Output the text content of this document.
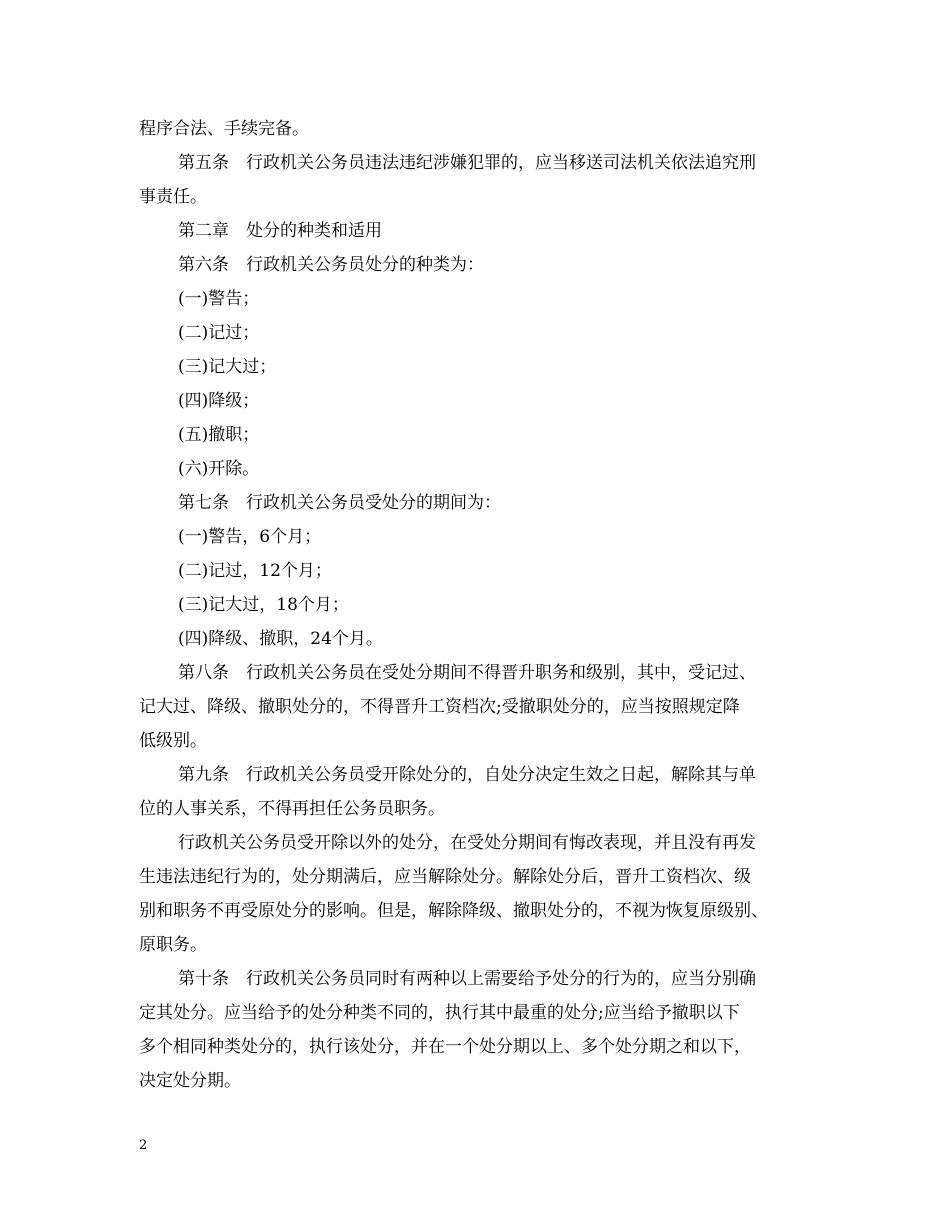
程序合法、手续完备。
第五条　行政机关公务员违法违纪涉嫌犯罪的，应当移送司法机关依法追究刑
事责任。
第二章　处分的种类和适用
第六条　行政机关公务员处分的种类为：
(一)警告；
(二)记过；
(三)记大过；
(四)降级；
(五)撤职；
(六)开除。
第七条　行政机关公务员受处分的期间为：
(一)警告，6个月；
(二)记过，12个月；
(三)记大过，18个月；
(四)降级、撤职，24个月。
第八条　行政机关公务员在受处分期间不得晋升职务和级别，其中，受记过、
记大过、降级、撤职处分的，不得晋升工资档次;受撤职处分的，应当按照规定降
低级别。
第九条　行政机关公务员受开除处分的，自处分决定生效之日起，解除其与单
位的人事关系，不得再担任公务员职务。
行政机关公务员受开除以外的处分，在受处分期间有悔改表现，并且没有再发
生违法违纪行为的，处分期满后，应当解除处分。解除处分后，晋升工资档次、级
别和职务不再受原处分的影响。但是，解除降级、撤职处分的，不视为恢复原级别、
原职务。
第十条　行政机关公务员同时有两种以上需要给予处分的行为的，应当分别确
定其处分。应当给予的处分种类不同的，执行其中最重的处分;应当给予撤职以下
多个相同种类处分的，执行该处分，并在一个处分期以上、多个处分期之和以下，
决定处分期。
2
